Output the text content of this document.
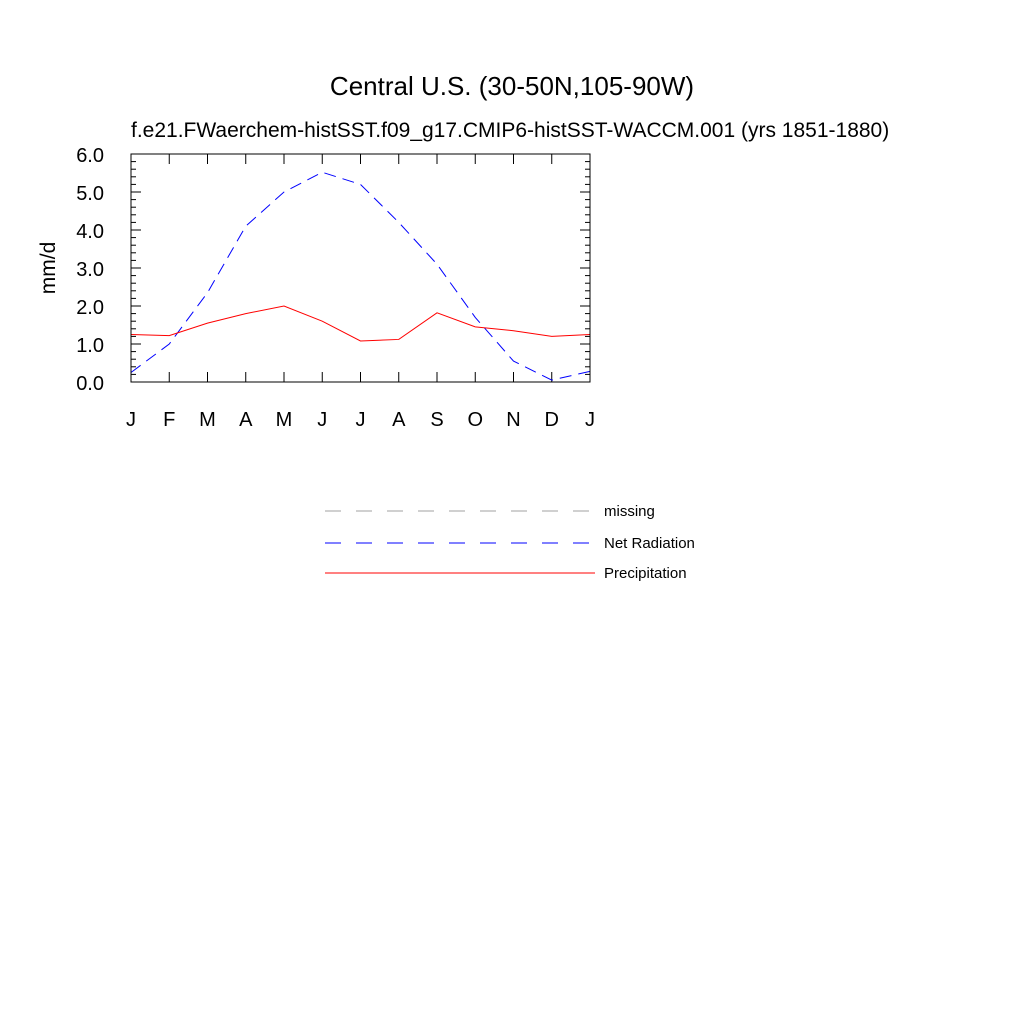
Central U.S. (30-50N,105-90W)
f.e21.FWaerchem-histSST.f09_g17.CMIP6-histSST-WACCM.001 (yrs 1851-1880)
mm/d
J F M A M J J A S O N D J
0.0
1.0
2.0
3.0
4.0
5.0
6.0
missing
Net Radiation
Precipitation
